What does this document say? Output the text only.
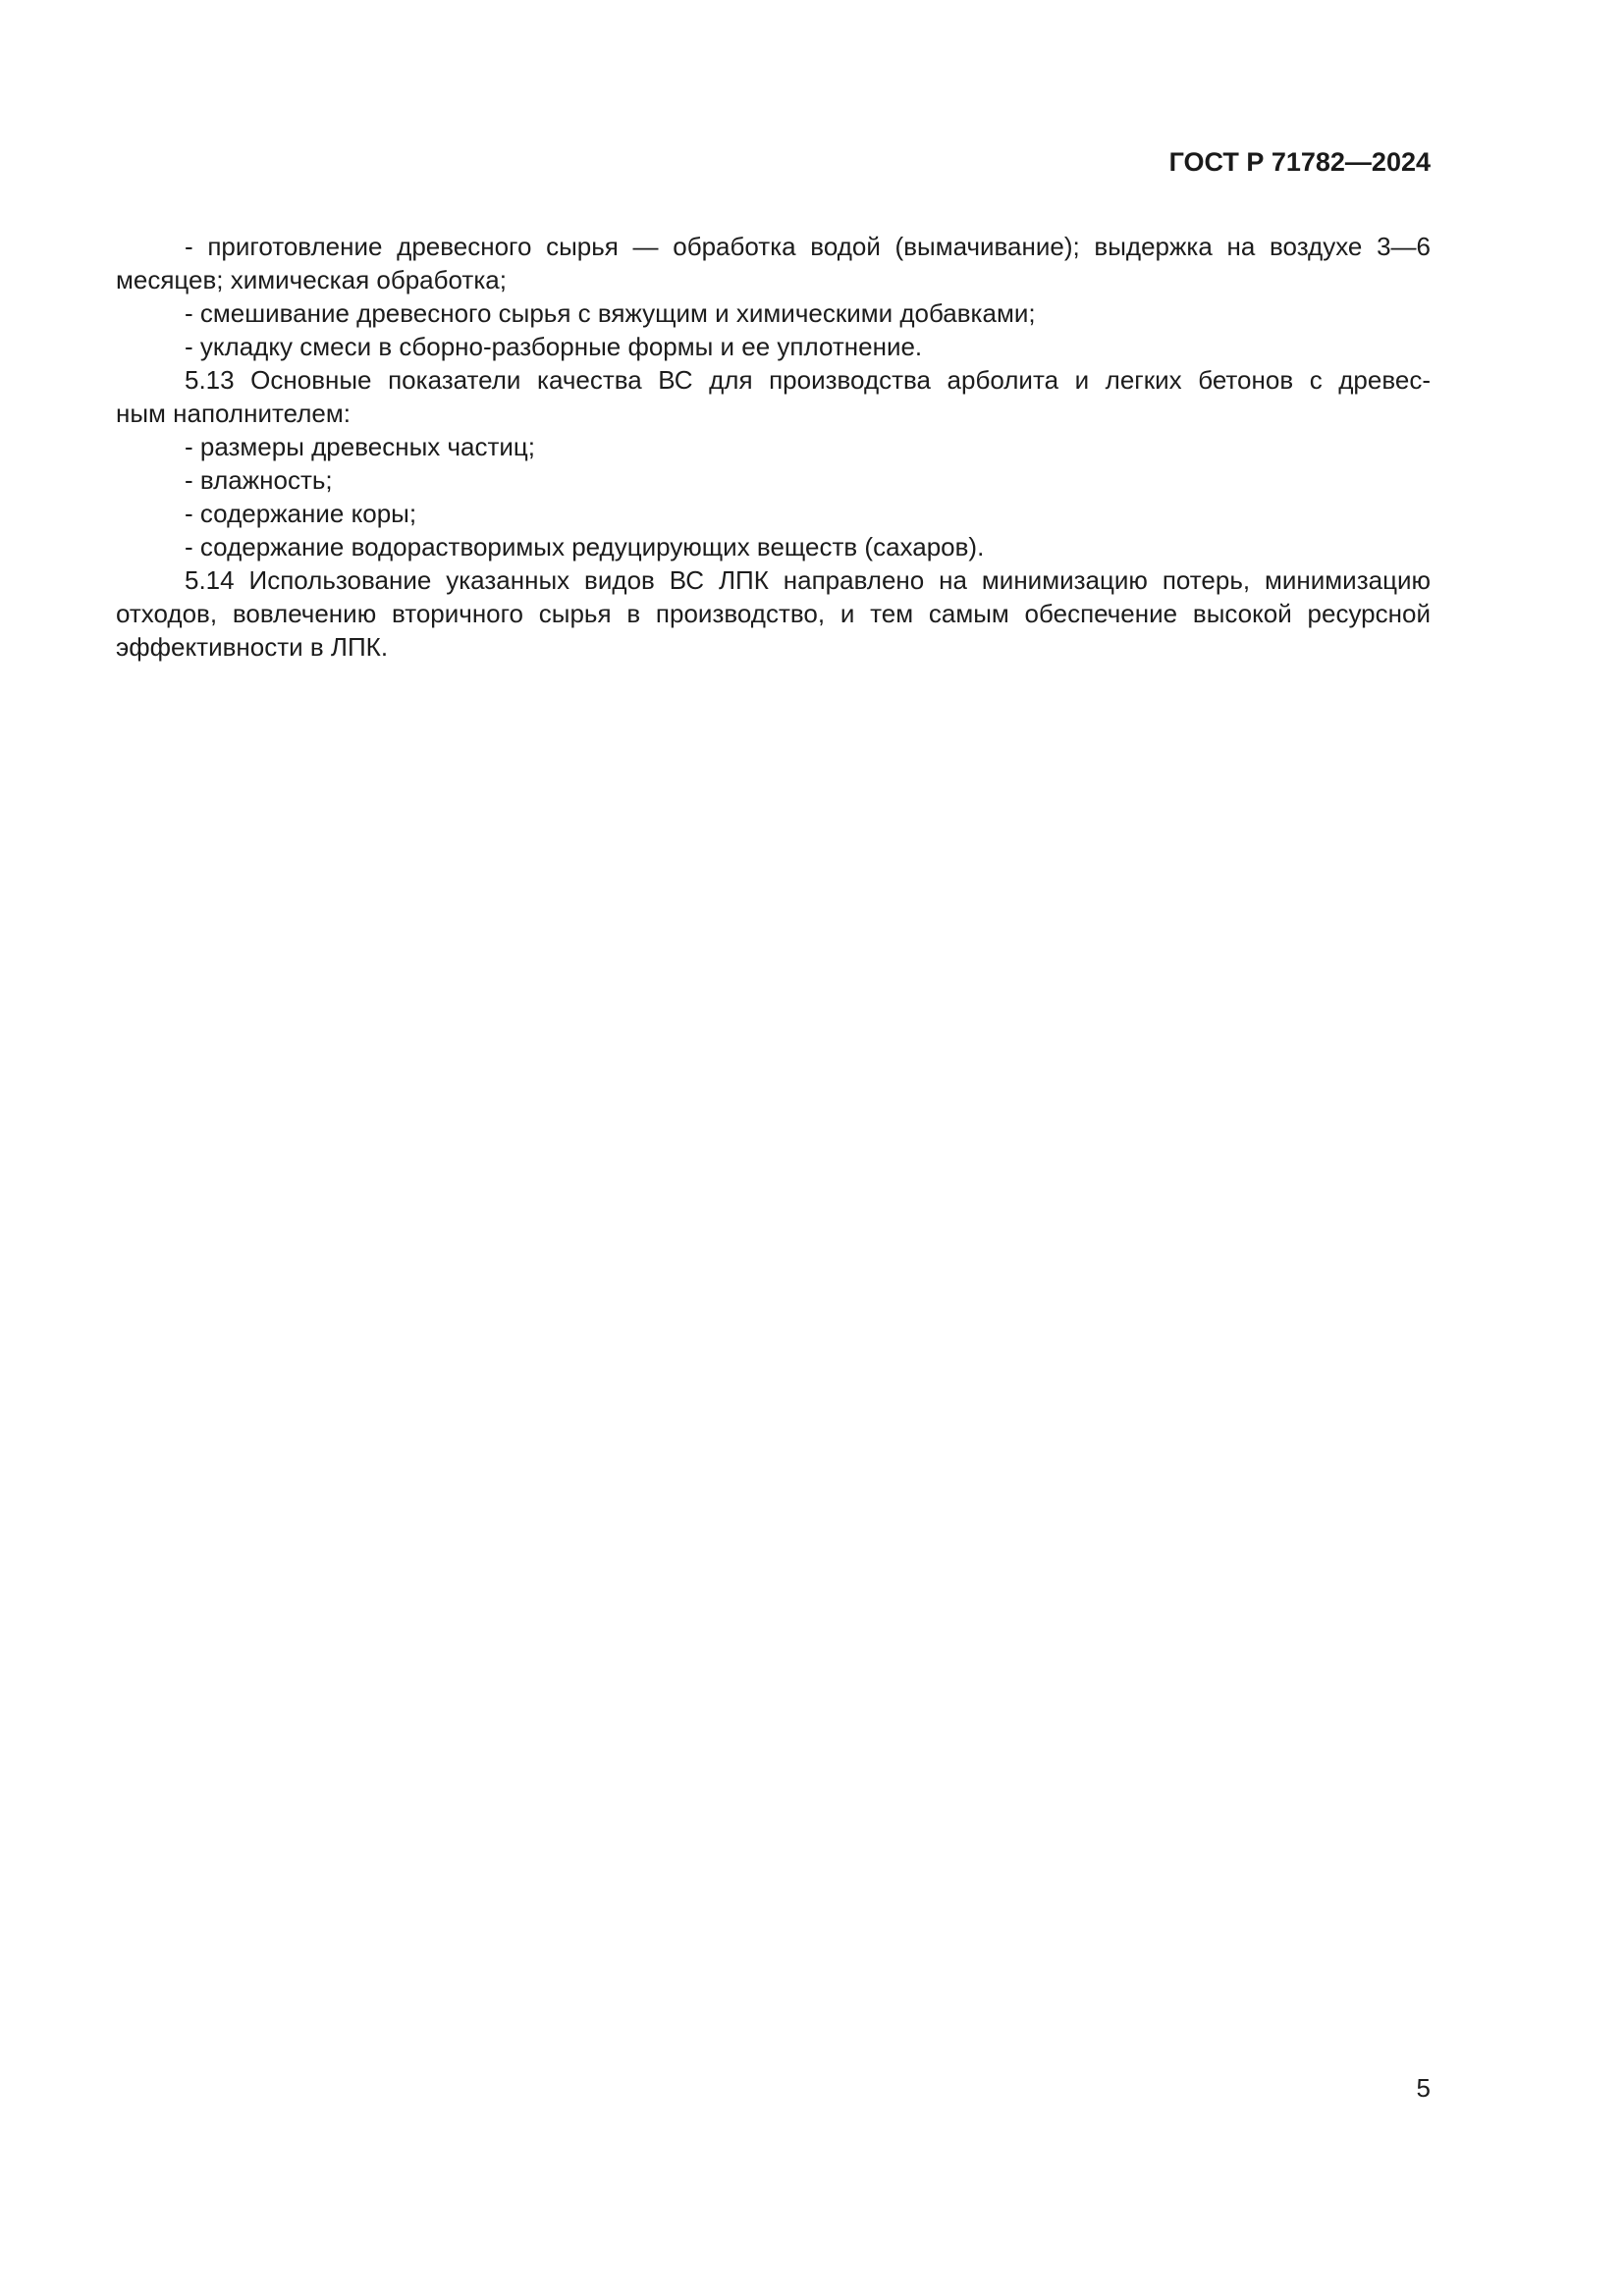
ГОСТ Р 71782—2024
- приготовление древесного сырья — обработка водой (вымачивание); выдержка на воздухе 3—6
месяцев; химическая обработка;
- смешивание древесного сырья с вяжущим и химическими добавками;
- укладку смеси в сборно-разборные формы и ее уплотнение.
5.13 Основные показатели качества ВС для производства арболита и легких бетонов с древес-
ным наполнителем:
- размеры древесных частиц;
- влажность;
- содержание коры;
- содержание водорастворимых редуцирующих веществ (сахаров).
5.14 Использование указанных видов ВС ЛПК направлено на минимизацию потерь, минимизацию
отходов, вовлечению вторичного сырья в производство, и тем самым обеспечение высокой ресурсной
эффективности в ЛПК.
5
